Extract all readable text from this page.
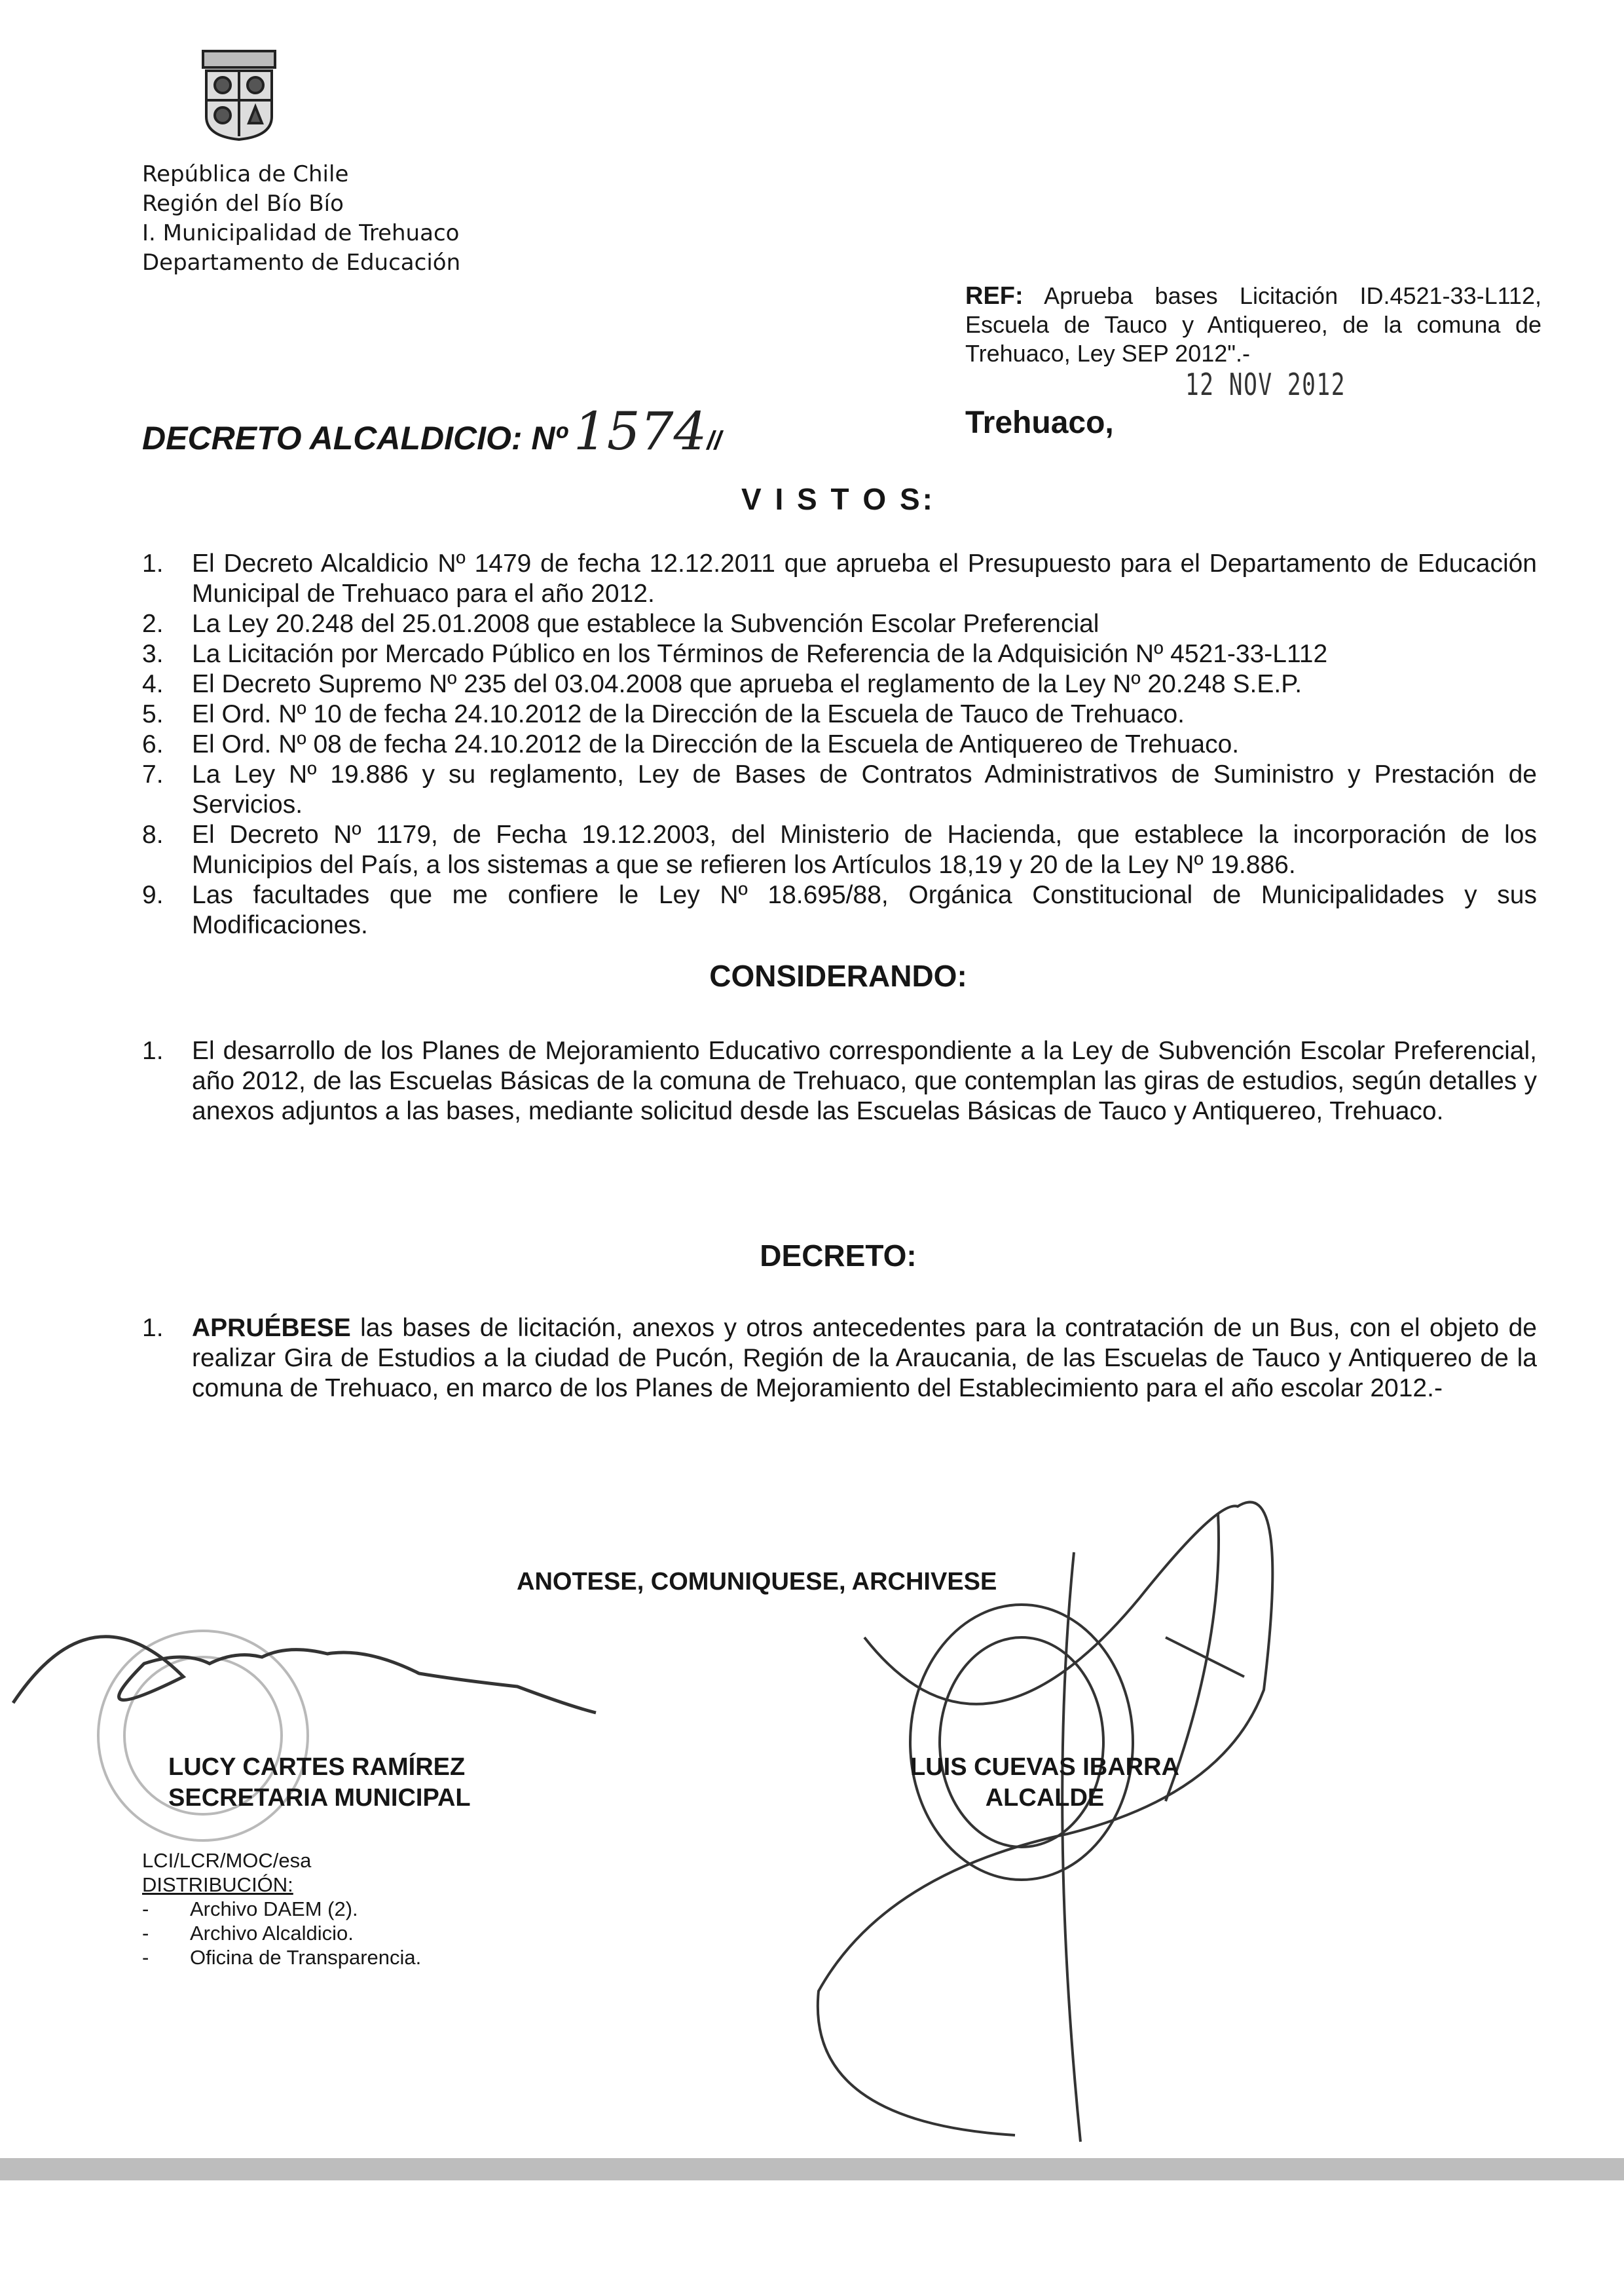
República de Chile
Región del Bío Bío
I. Municipalidad de Trehuaco
Departamento de Educación
REF: Aprueba bases Licitación ID.4521-33-L112, Escuela de Tauco y Antiquereo, de la comuna de Trehuaco, Ley SEP 2012".-
12 NOV 2012
DECRETO ALCALDICIO: Nº 1574//
Trehuaco,
V I S T O S:
1.	El Decreto Alcaldicio Nº 1479 de fecha 12.12.2011 que aprueba el Presupuesto para el Departamento de Educación Municipal de Trehuaco para el año 2012.
2.	La Ley 20.248 del 25.01.2008 que establece la Subvención Escolar Preferencial
3.	La Licitación por Mercado Público en los Términos de Referencia de la Adquisición Nº 4521-33-L112
4.	El Decreto Supremo Nº 235 del 03.04.2008 que aprueba el reglamento de la Ley Nº 20.248 S.E.P.
5.	El Ord. Nº 10 de fecha 24.10.2012 de la Dirección de la Escuela de Tauco de Trehuaco.
6.	El Ord. Nº 08 de fecha 24.10.2012 de la Dirección de la Escuela de Antiquereo de Trehuaco.
7.	La Ley Nº 19.886 y su reglamento, Ley de Bases de Contratos Administrativos de Suministro y Prestación de Servicios.
8.	El Decreto Nº 1179, de Fecha 19.12.2003, del Ministerio de Hacienda, que establece la incorporación de los Municipios del País, a los sistemas a que se refieren los Artículos 18,19 y 20 de la Ley Nº 19.886.
9.	Las facultades que me confiere le Ley Nº 18.695/88, Orgánica Constitucional de Municipalidades y sus Modificaciones.
CONSIDERANDO:
1.	El desarrollo de los Planes de Mejoramiento Educativo correspondiente a la Ley de Subvención Escolar Preferencial, año 2012, de las Escuelas Básicas de la comuna de Trehuaco, que contemplan las giras de estudios, según detalles y anexos adjuntos a las bases, mediante solicitud desde las Escuelas Básicas de Tauco y Antiquereo, Trehuaco.
DECRETO:
1.	APRUÉBESE las bases de licitación, anexos y otros antecedentes para la contratación de un Bus, con el objeto de realizar Gira de Estudios a la ciudad de Pucón, Región de la Araucania, de las Escuelas de Tauco y Antiquereo de la comuna de Trehuaco, en marco de los Planes de Mejoramiento del Establecimiento para el año escolar 2012.-
ANOTESE, COMUNIQUESE, ARCHIVESE
LUCY CARTES RAMÍREZ
SECRETARIA MUNICIPAL
LUIS CUEVAS IBARRA
ALCALDE
LCI/LCR/MOC/esa
DISTRIBUCIÓN:
- Archivo DAEM (2).
- Archivo Alcaldicio.
- Oficina de Transparencia.
